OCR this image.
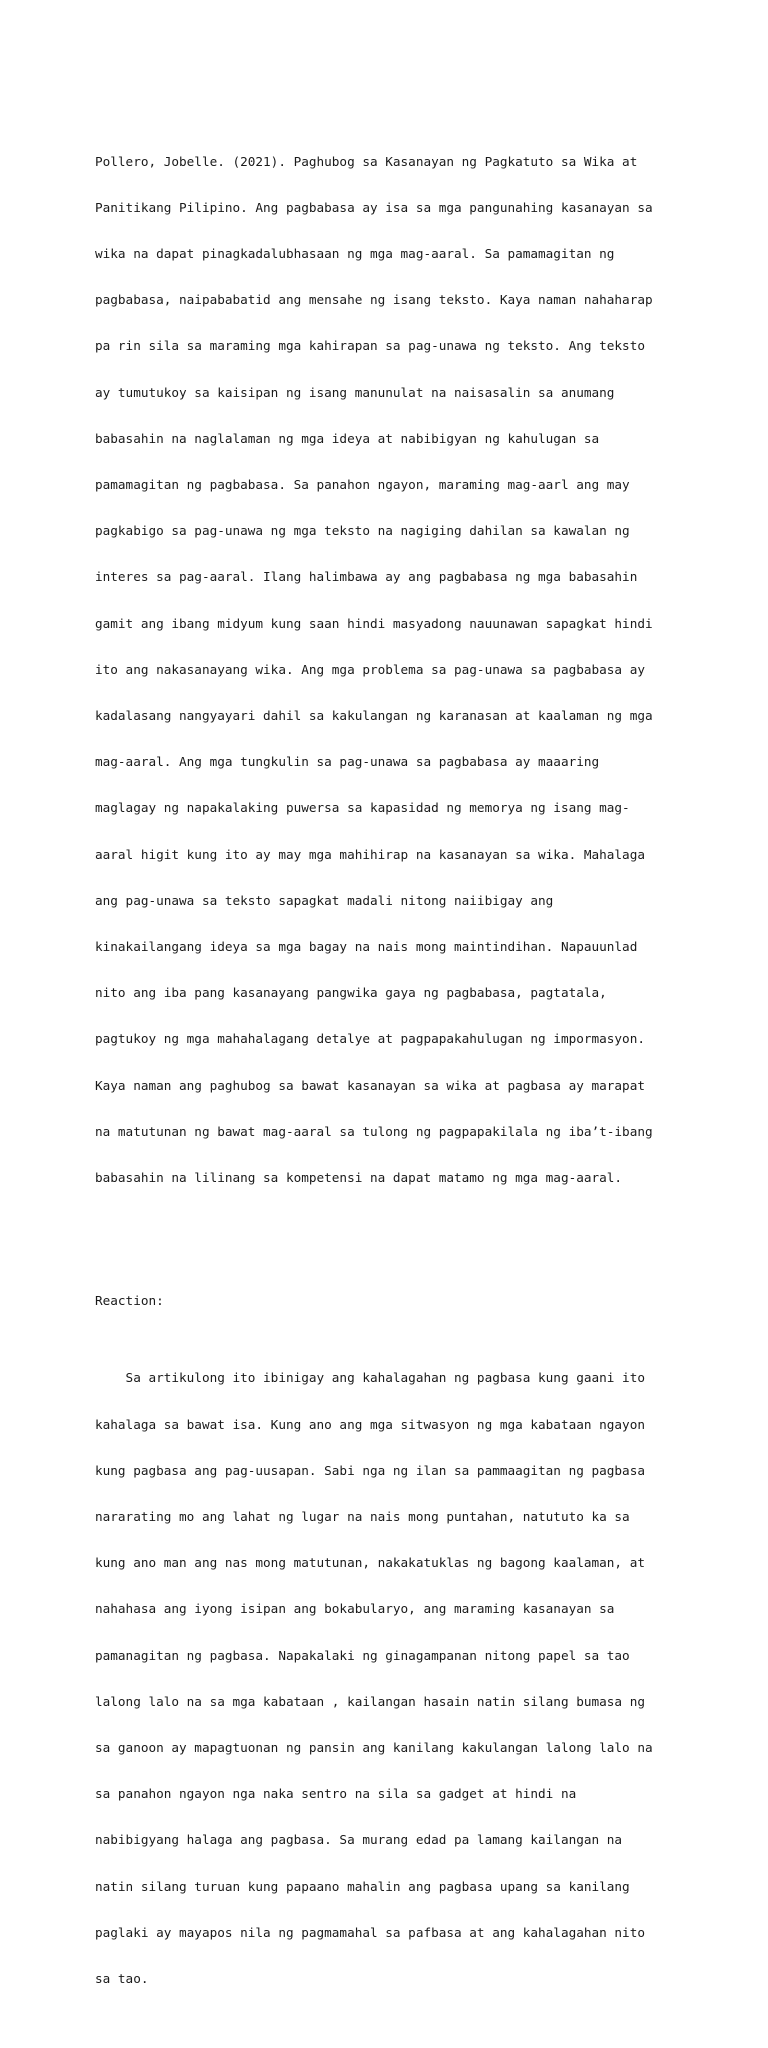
Pollero, Jobelle. (2021). Paghubog sa Kasanayan ng Pagkatuto sa Wika at

Panitikang Pilipino. Ang pagbabasa ay isa sa mga pangunahing kasanayan sa

wika na dapat pinagkadalubhasaan ng mga mag-aaral. Sa pamamagitan ng

pagbabasa, naipababatid ang mensahe ng isang teksto. Kaya naman nahaharap

pa rin sila sa maraming mga kahirapan sa pag-unawa ng teksto. Ang teksto

ay tumutukoy sa kaisipan ng isang manunulat na naisasalin sa anumang

babasahin na naglalaman ng mga ideya at nabibigyan ng kahulugan sa

pamamagitan ng pagbabasa. Sa panahon ngayon, maraming mag-aarl ang may

pagkabigo sa pag-unawa ng mga teksto na nagiging dahilan sa kawalan ng

interes sa pag-aaral. Ilang halimbawa ay ang pagbabasa ng mga babasahin

gamit ang ibang midyum kung saan hindi masyadong nauunawan sapagkat hindi

ito ang nakasanayang wika. Ang mga problema sa pag-unawa sa pagbabasa ay

kadalasang nangyayari dahil sa kakulangan ng karanasan at kaalaman ng mga

mag-aaral. Ang mga tungkulin sa pag-unawa sa pagbabasa ay maaaring

maglagay ng napakalaking puwersa sa kapasidad ng memorya ng isang mag-

aaral higit kung ito ay may mga mahihirap na kasanayan sa wika. Mahalaga

ang pag-unawa sa teksto sapagkat madali nitong naiibigay ang

kinakailangang ideya sa mga bagay na nais mong maintindihan. Napauunlad

nito ang iba pang kasanayang pangwika gaya ng pagbabasa, pagtatala,

pagtukoy ng mga mahahalagang detalye at pagpapakahulugan ng impormasyon.

Kaya naman ang paghubog sa bawat kasanayan sa wika at pagbasa ay marapat

na matutunan ng bawat mag-aaral sa tulong ng pagpapakilala ng iba’t-ibang

babasahin na lilinang sa kompetensi na dapat matamo ng mga mag-aaral.

Reaction:

Sa artikulong ito ibinigay ang kahalagahan ng pagbasa kung gaani ito

kahalaga sa bawat isa. Kung ano ang mga sitwasyon ng mga kabataan ngayon

kung pagbasa ang pag-uusapan. Sabi nga ng ilan sa pammaagitan ng pagbasa

nararating mo ang lahat ng lugar na nais mong puntahan, natututo ka sa

kung ano man ang nas mong matutunan, nakakatuklas ng bagong kaalaman, at

nahahasa ang iyong isipan ang bokabularyo, ang maraming kasanayan sa

pamanagitan ng pagbasa. Napakalaki ng ginagampanan nitong papel sa tao

lalong lalo na sa mga kabataan , kailangan hasain natin silang bumasa ng

sa ganoon ay mapagtuonan ng pansin ang kanilang kakulangan lalong lalo na

sa panahon ngayon nga naka sentro na sila sa gadget at hindi na

nabibigyang halaga ang pagbasa. Sa murang edad pa lamang kailangan na

natin silang turuan kung papaano mahalin ang pagbasa upang sa kanilang

paglaki ay mayapos nila ng pagmamahal sa pafbasa at ang kahalagahan nito

sa tao.
